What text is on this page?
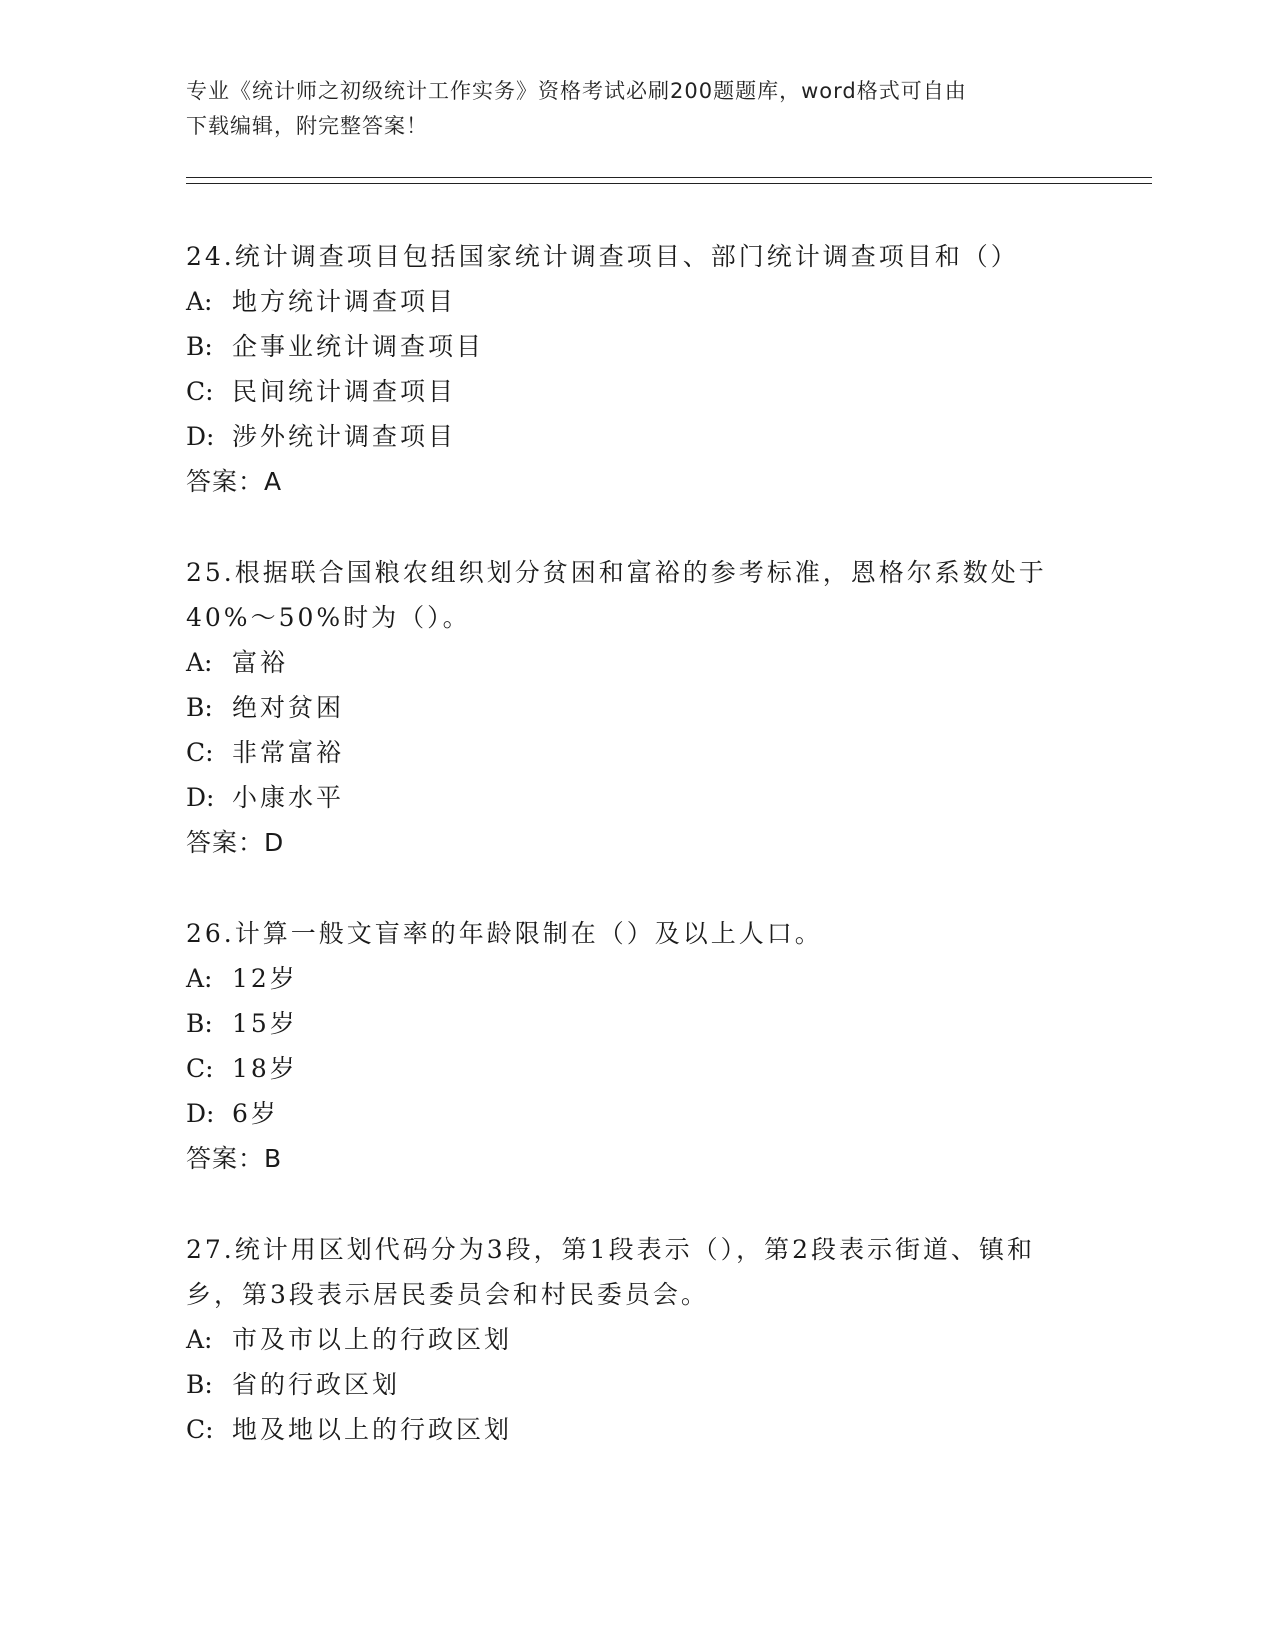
专业《统计师之初级统计工作实务》资格考试必刷200题题库，word格式可自由
下载编辑，附完整答案！

24.统计调查项目包括国家统计调查项目、部门统计调查项目和（）

A: 地方统计调查项目

B: 企事业统计调查项目

C: 民间统计调查项目

D: 涉外统计调查项目

答案：A

25.根据联合国粮农组织划分贫困和富裕的参考标准，恩格尔系数处于40%～50%时为（）。

A: 富裕

B: 绝对贫困

C: 非常富裕

D: 小康水平

答案：D

26.计算一般文盲率的年龄限制在（）及以上人口。

A: 12岁

B: 15岁

C: 18岁

D: 6岁

答案：B

27.统计用区划代码分为3段，第1段表示（），第2段表示街道、镇和乡，第3段表示居民委员会和村民委员会。

A: 市及市以上的行政区划

B: 省的行政区划

C: 地及地以上的行政区划
